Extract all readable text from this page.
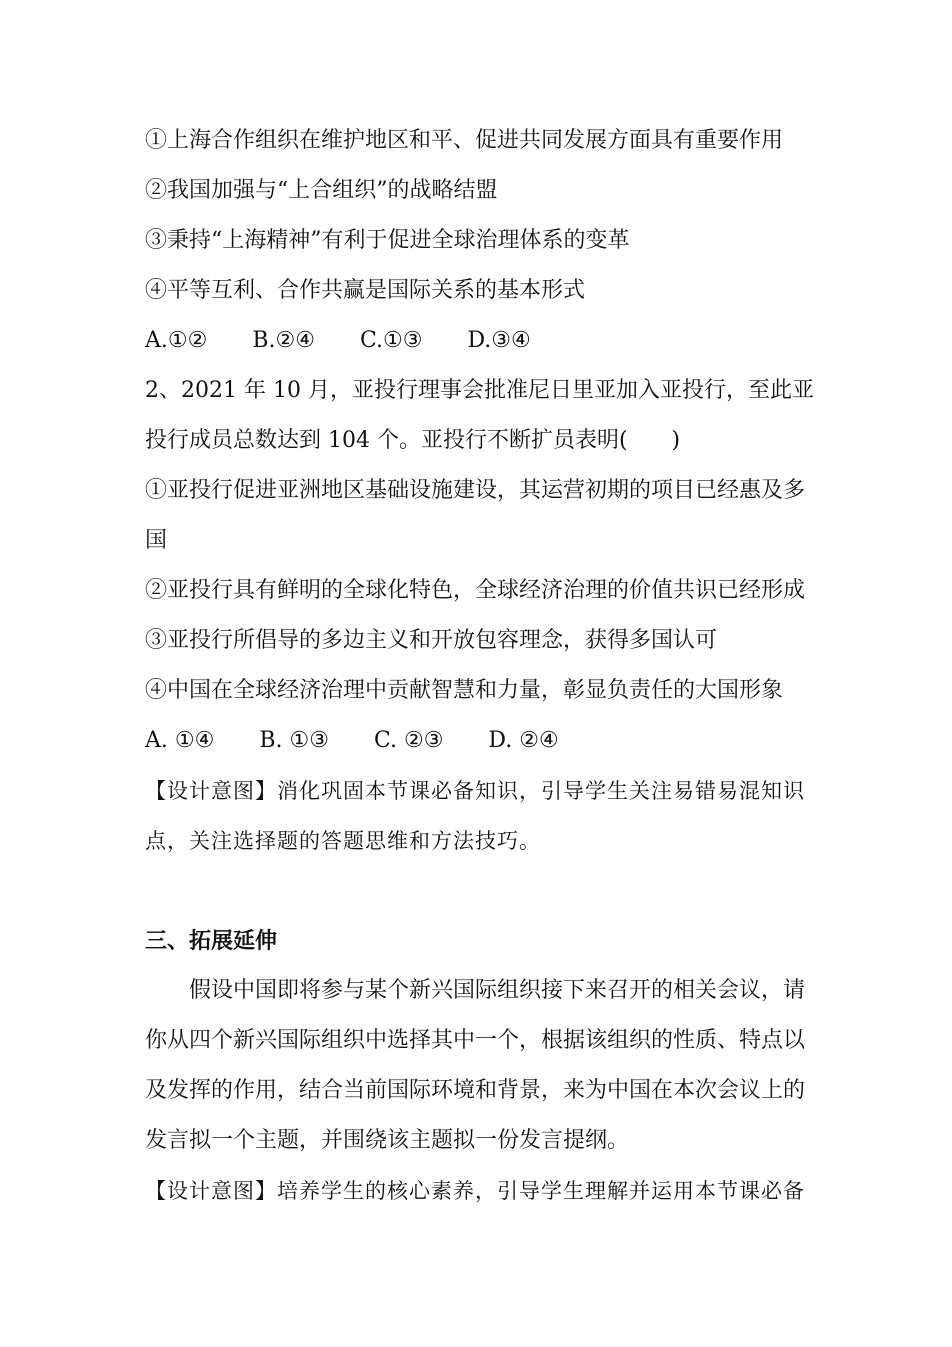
①上海合作组织在维护地区和平、促进共同发展方面具有重要作用
②我国加强与“上合组织”的战略结盟
③秉持“上海精神”有利于促进全球治理体系的变革
④平等互利、合作共赢是国际关系的基本形式
A.①② B.②④ C.①③ D.③④
2、2021 年 10 月，亚投行理事会批准尼日里亚加入亚投行，至此亚
投行成员总数达到 104 个。亚投行不断扩员表明(　　)
①亚投行促进亚洲地区基础设施建设，其运营初期的项目已经惠及多
国
②亚投行具有鲜明的全球化特色，全球经济治理的价值共识已经形成
③亚投行所倡导的多边主义和开放包容理念，获得多国认可
④中国在全球经济治理中贡献智慧和力量，彰显负责任的大国形象
A. ①④ B. ①③ C. ②③ D. ②④
【设计意图】消化巩固本节课必备知识，引导学生关注易错易混知识
点，关注选择题的答题思维和方法技巧。
三、拓展延伸
假设中国即将参与某个新兴国际组织接下来召开的相关会议，请
你从四个新兴国际组织中选择其中一个，根据该组织的性质、特点以
及发挥的作用，结合当前国际环境和背景，来为中国在本次会议上的
发言拟一个主题，并围绕该主题拟一份发言提纲。
【设计意图】培养学生的核心素养，引导学生理解并运用本节课必备
